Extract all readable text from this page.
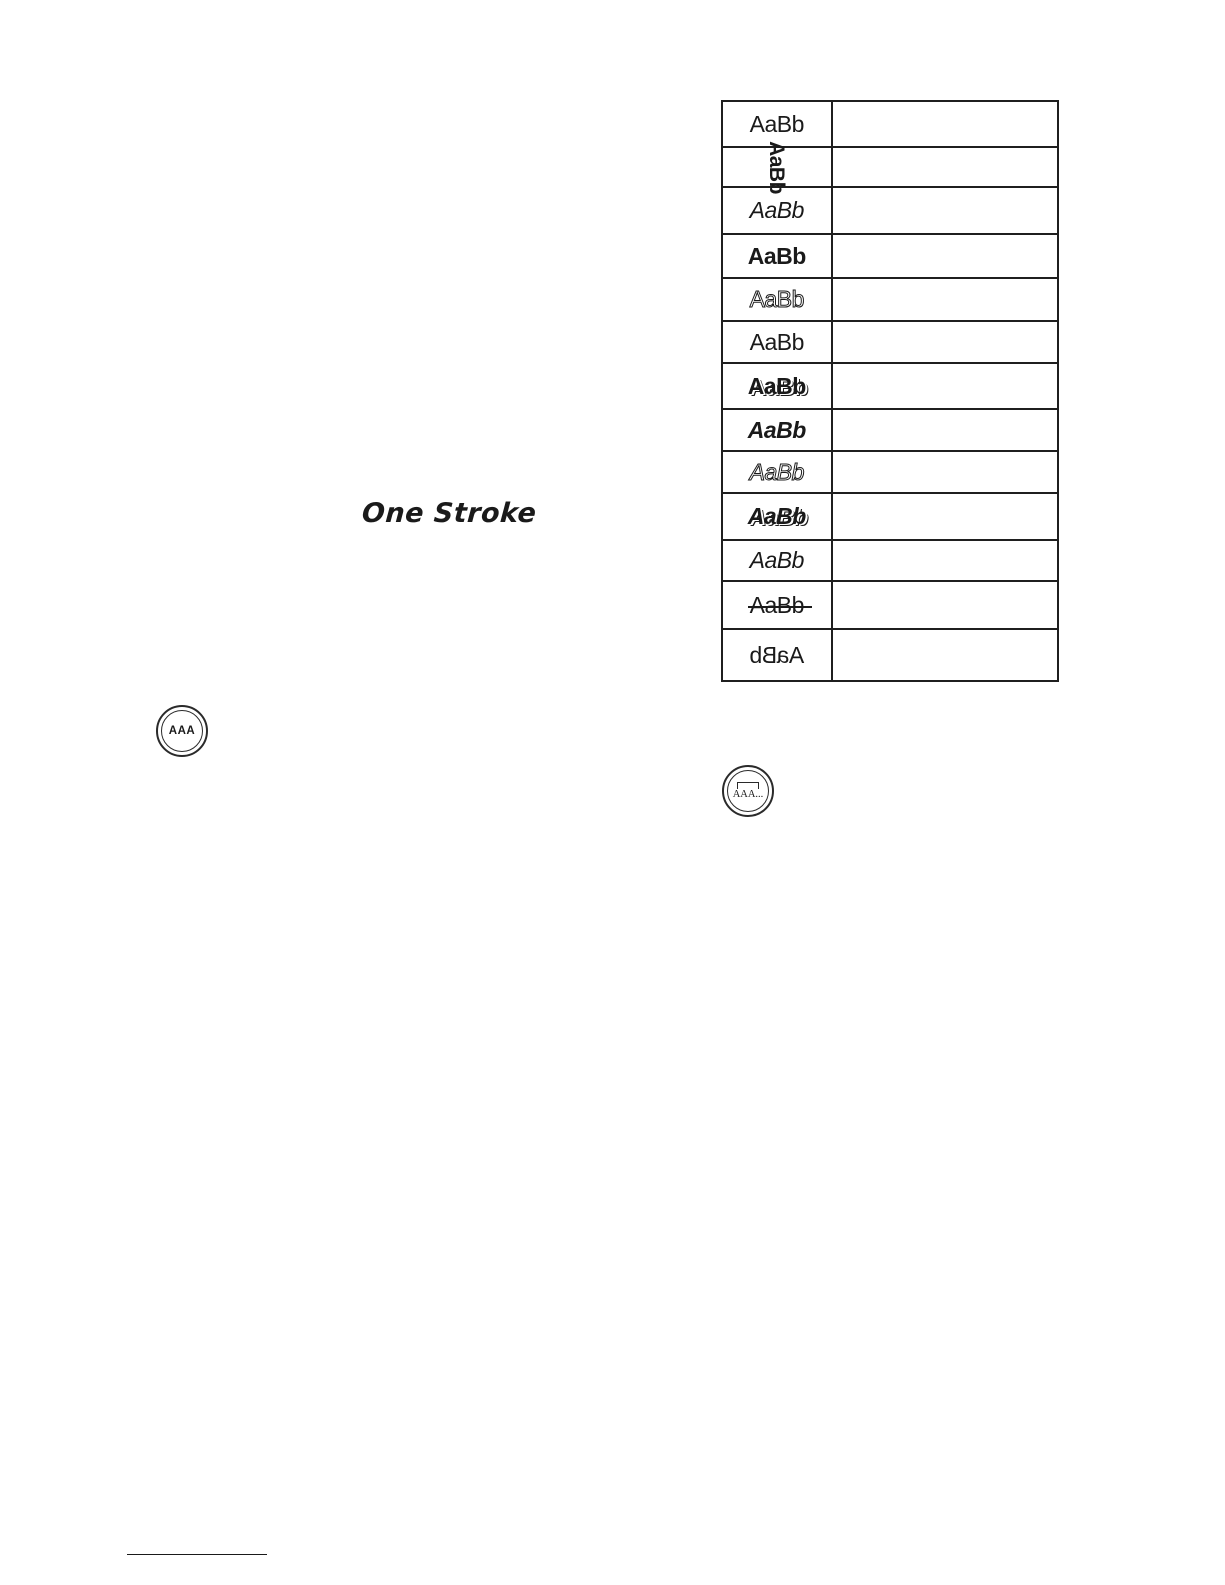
One Stroke
AAA
AaBb	

AaBb	

AaBb	
AaBb	
AaBb	
AaBb	
AaBb	
AaBb	
AaBb	
AaBb	
AaBb	
AaBb	
AaBb	
AAA...
